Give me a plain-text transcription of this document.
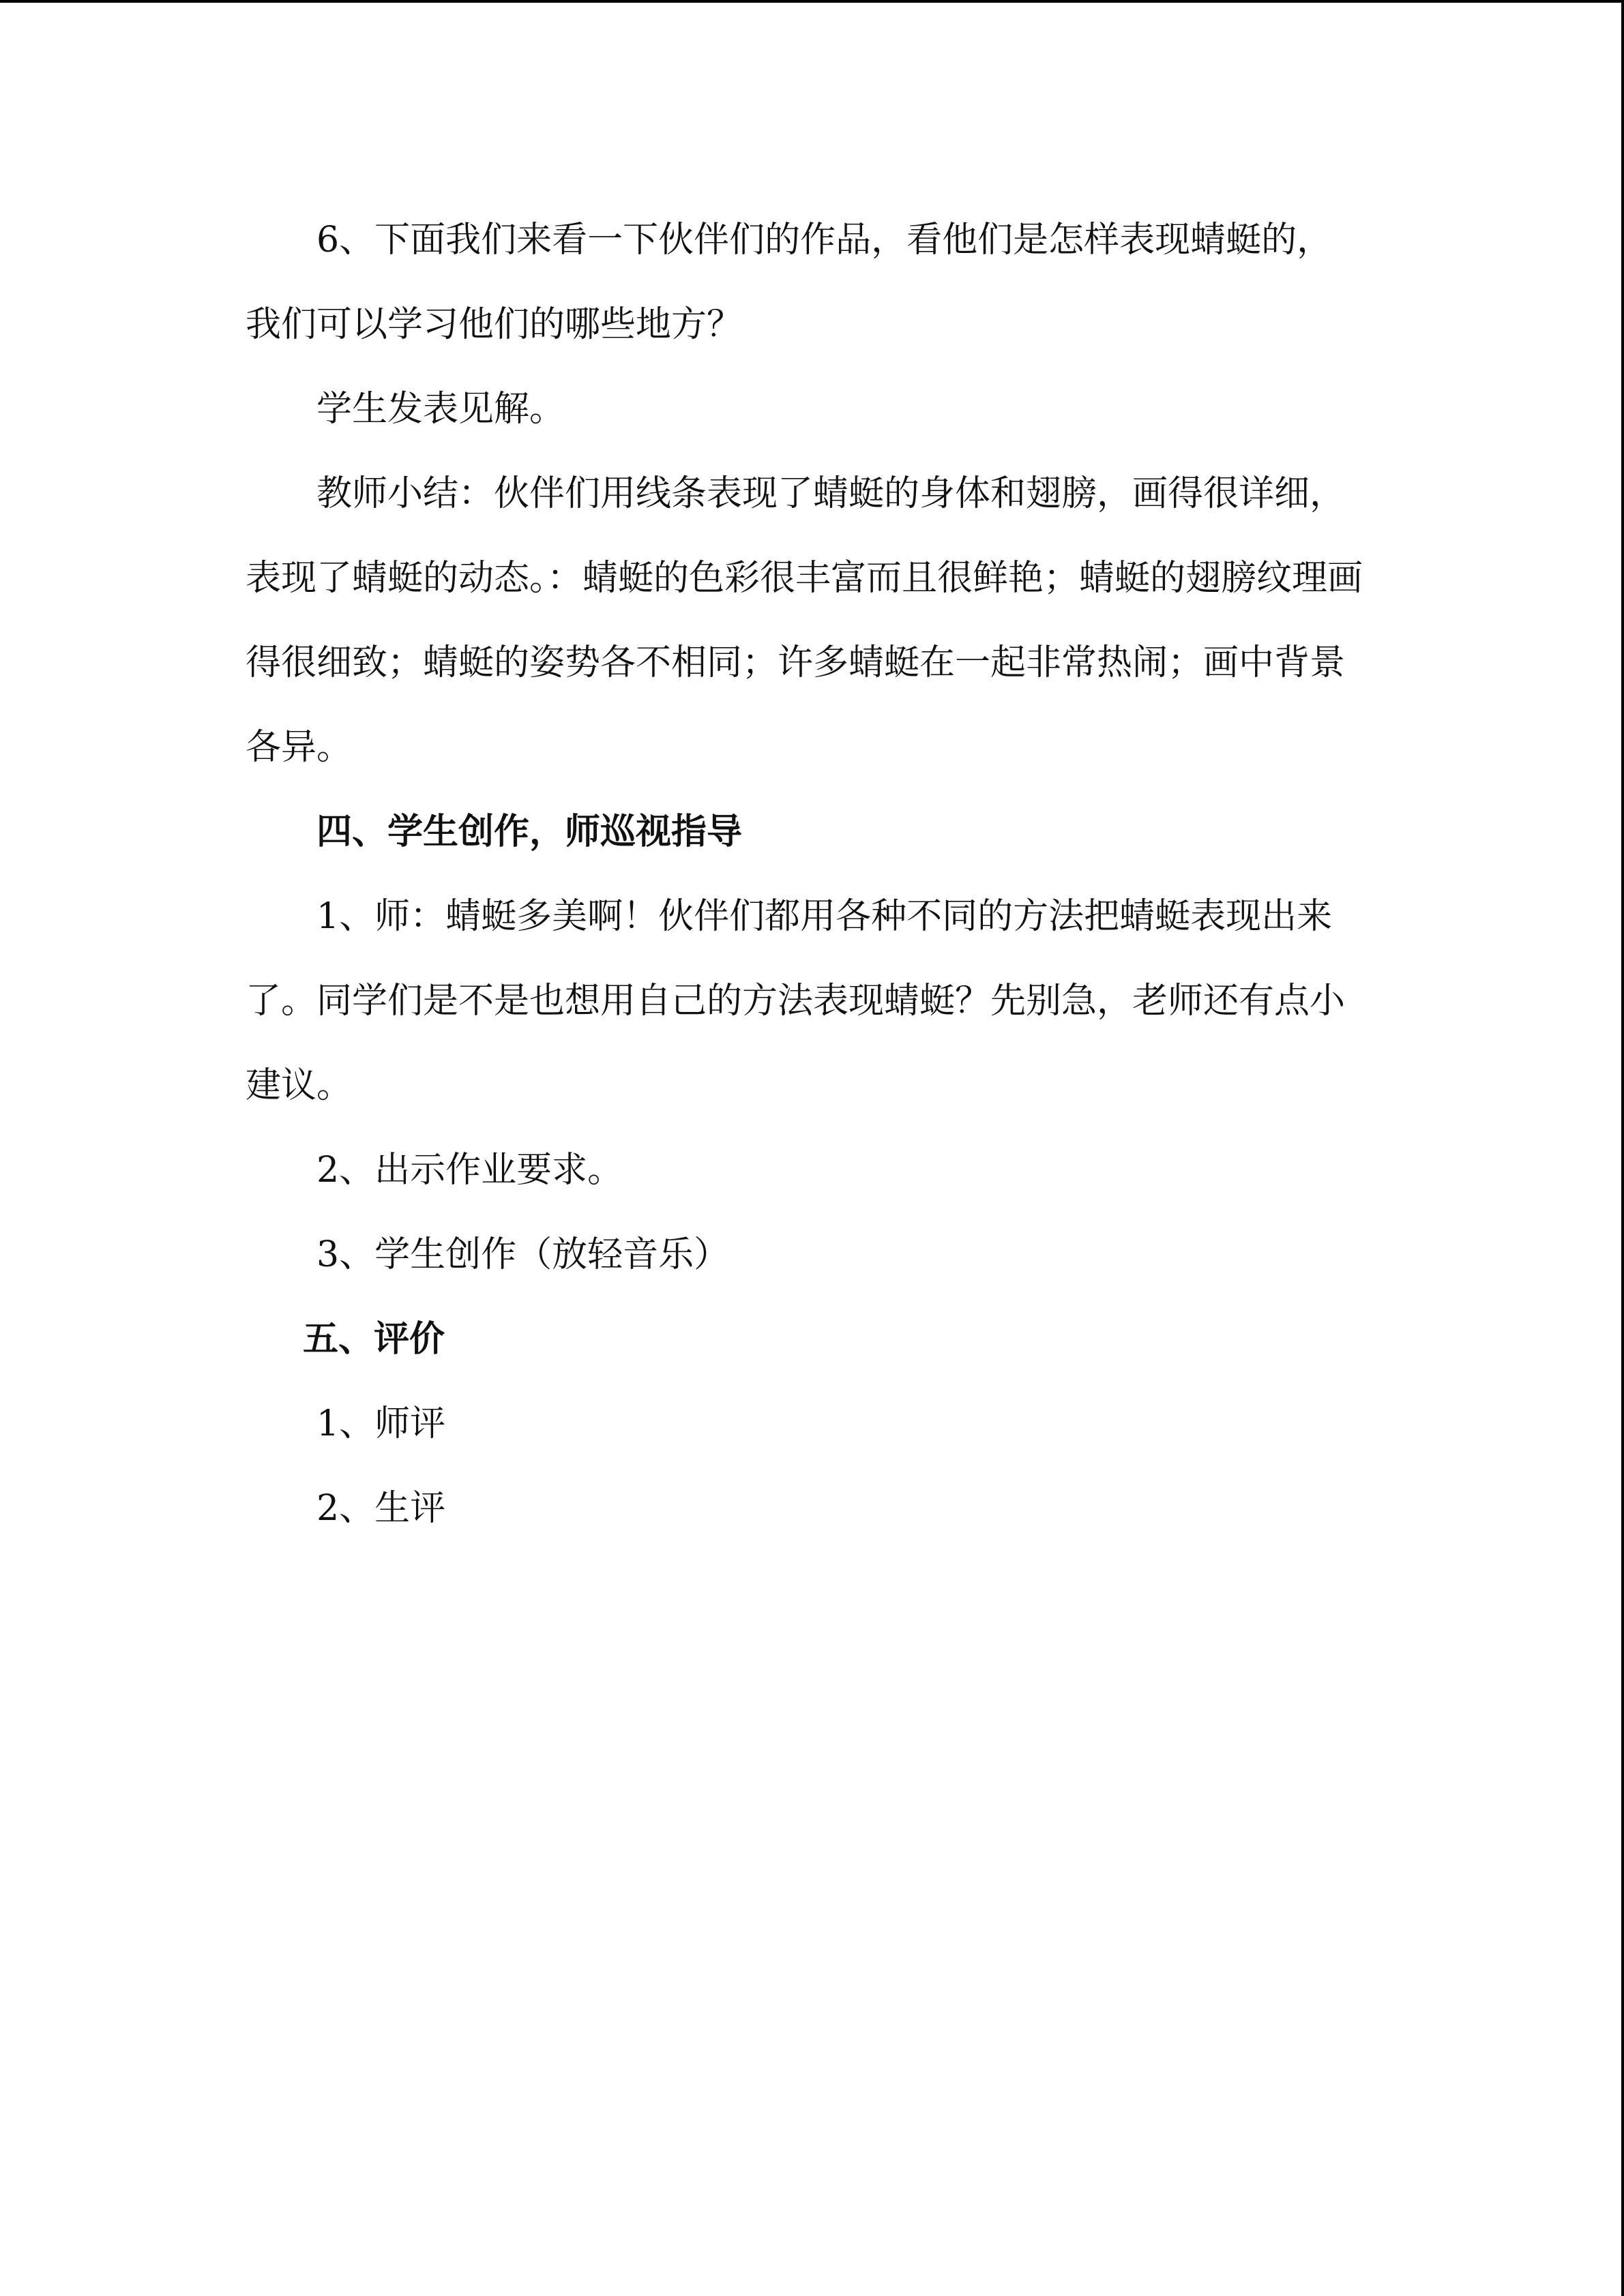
6、下面我们来看一下伙伴们的作品，看他们是怎样表现蜻蜓的，我们可以学习他们的哪些地方？

学生发表见解。

教师小结：伙伴们用线条表现了蜻蜓的身体和翅膀，画得很详细，表现了蜻蜓的动态。：蜻蜓的色彩很丰富而且很鲜艳；蜻蜓的翅膀纹理画得很细致；蜻蜓的姿势各不相同；许多蜻蜓在一起非常热闹；画中背景各异。

四、学生创作，师巡视指导

1、师：蜻蜓多美啊！伙伴们都用各种不同的方法把蜻蜓表现出来了。同学们是不是也想用自己的方法表现蜻蜓？先别急，老师还有点小建议。

2、出示作业要求。

3、学生创作（放轻音乐）

五、评价

1、师评

2、生评
